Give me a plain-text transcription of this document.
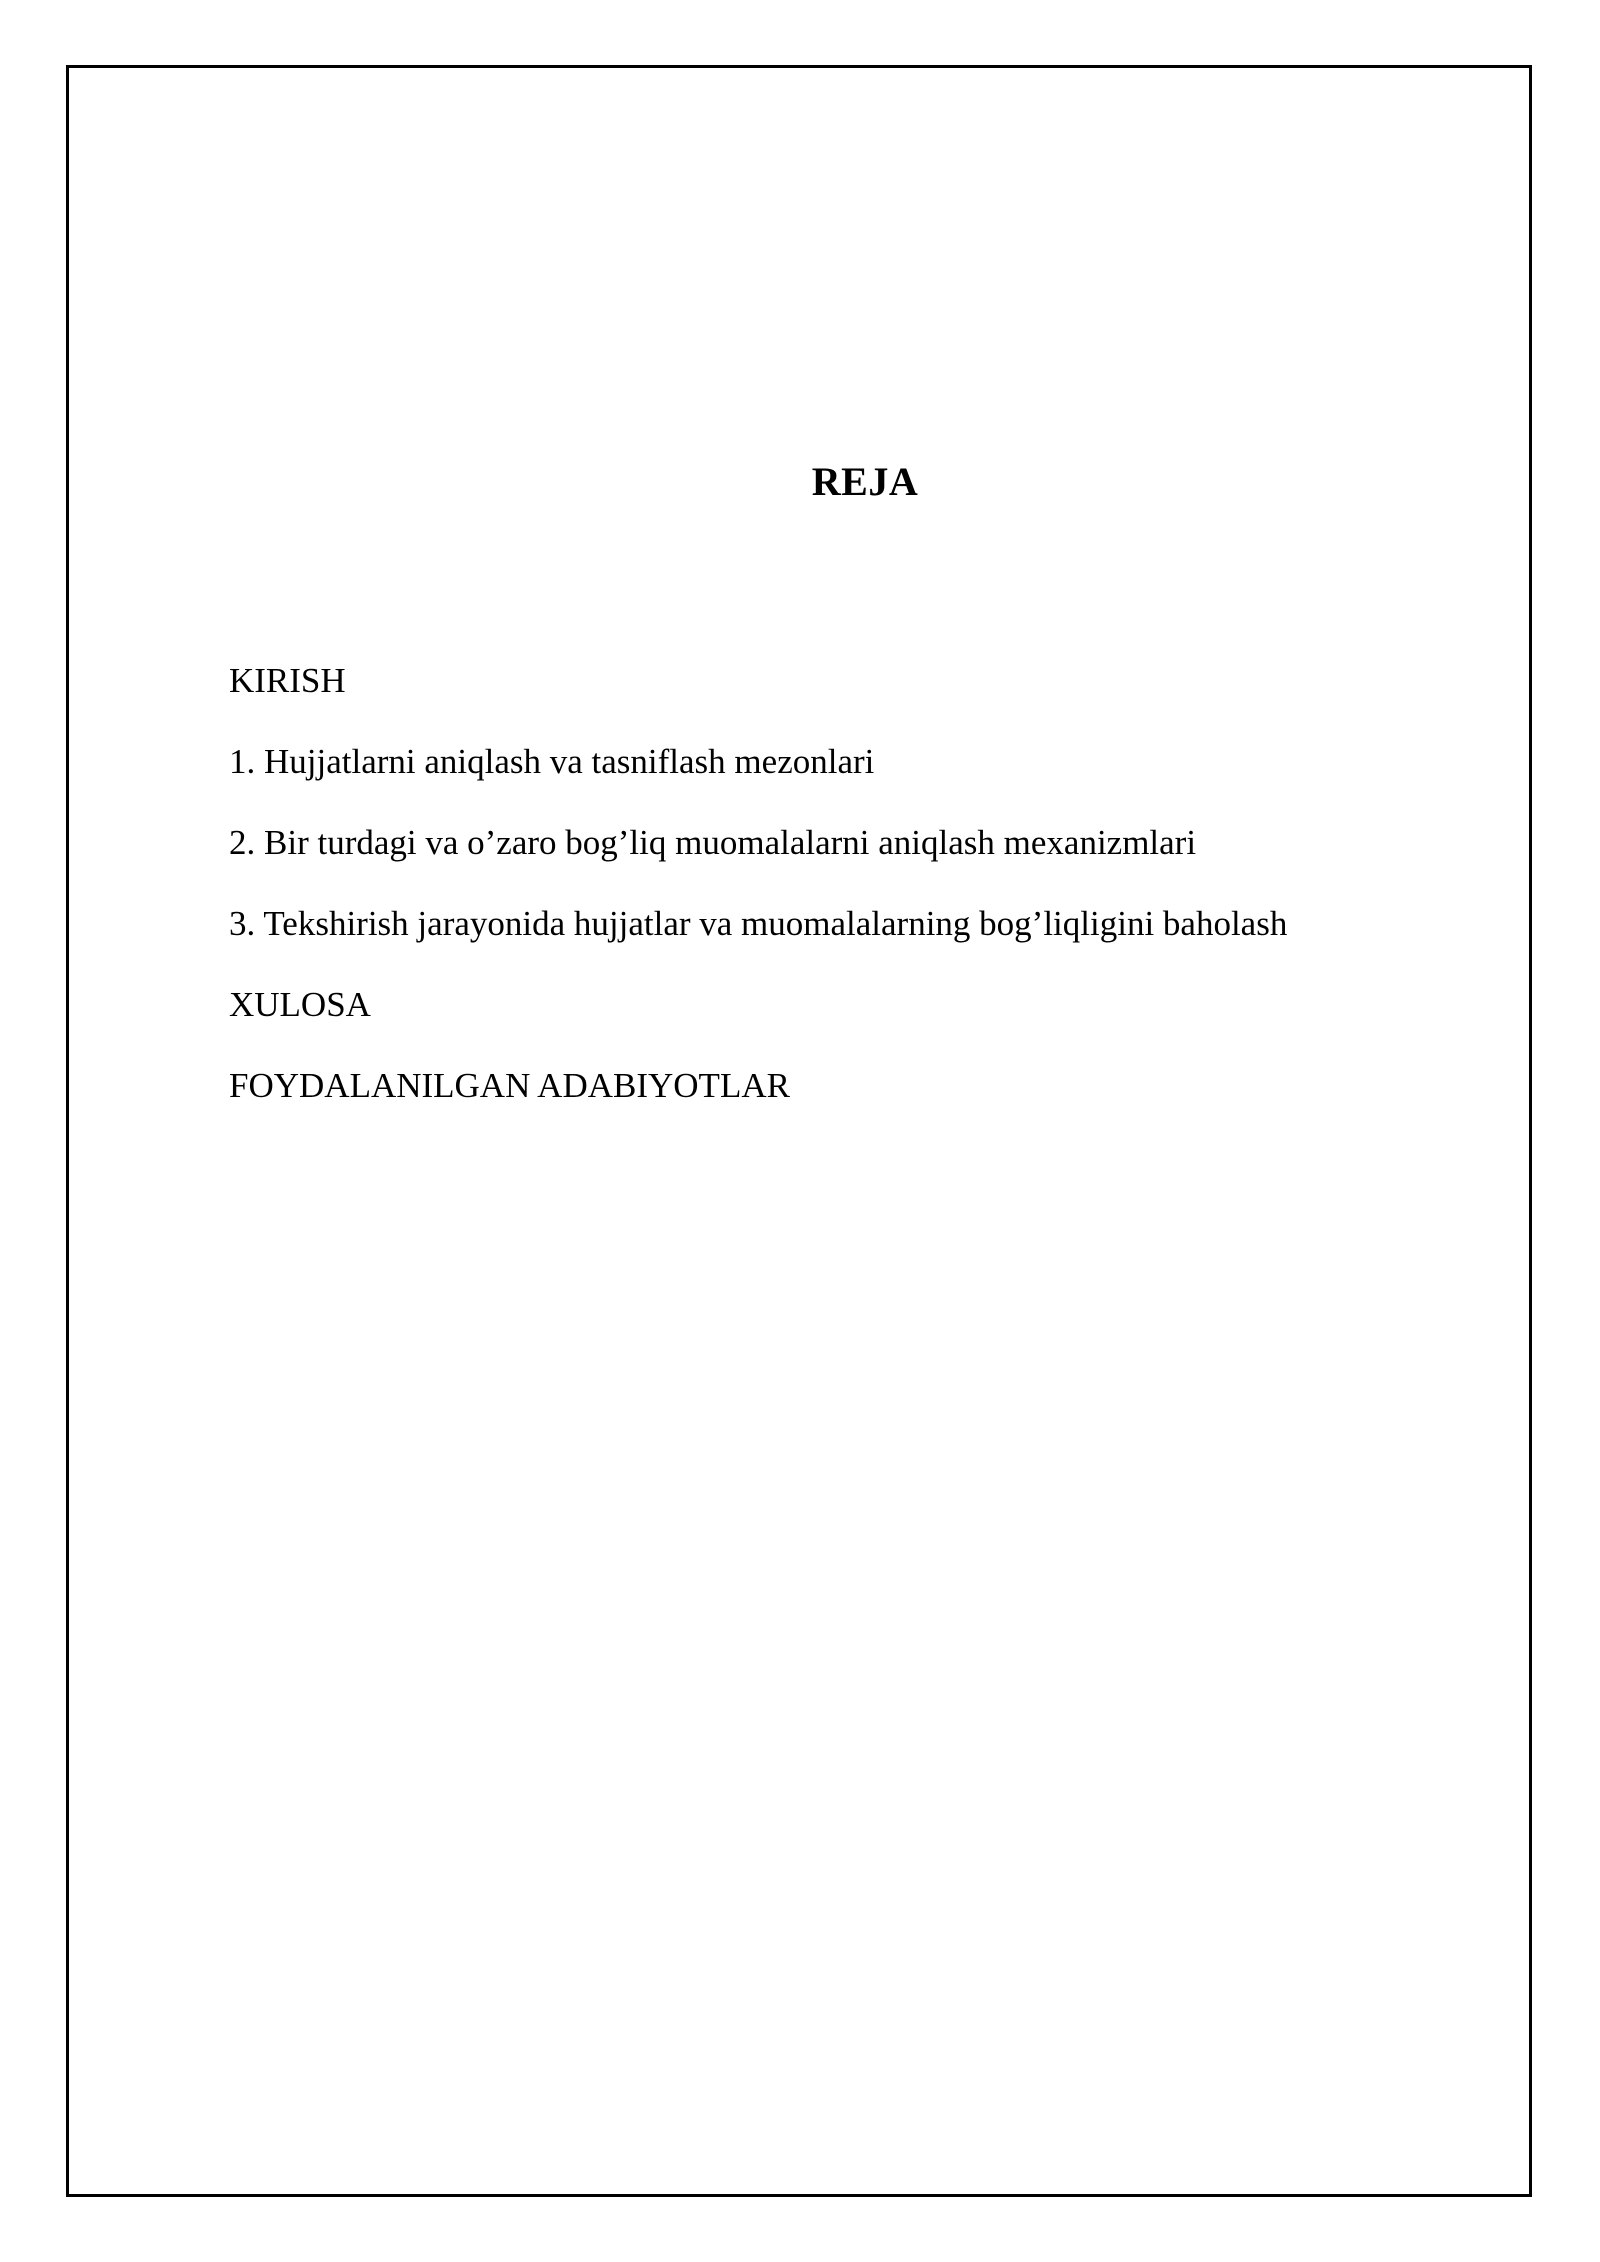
REJA
KIRISH
1. Hujjatlarni aniqlash va tasniflash mezonlari
2. Bir turdagi va o’zaro bog’liq muomalalarni aniqlash mexanizmlari
3. Tekshirish jarayonida hujjatlar va muomalalarning bog’liqligini baholash
XULOSA
FOYDALANILGAN ADABIYOTLAR
